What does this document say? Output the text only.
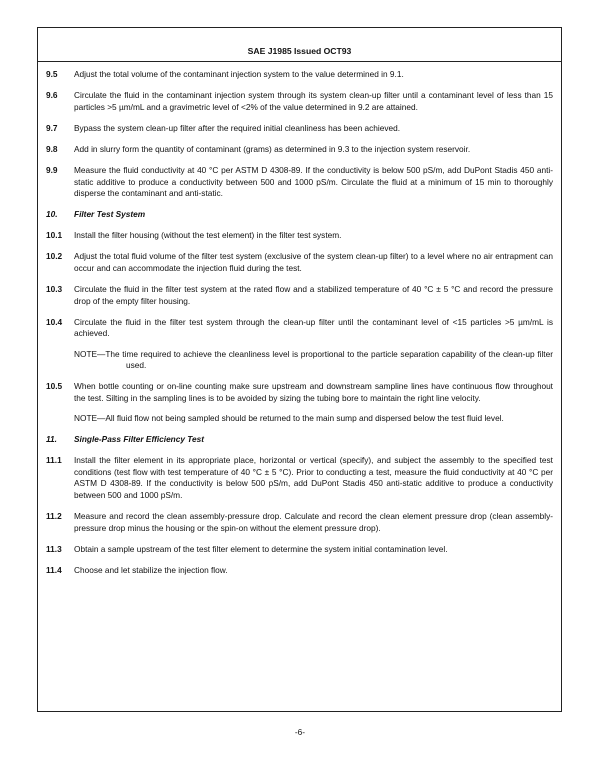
SAE J1985 Issued OCT93
9.5	Adjust the total volume of the contaminant injection system to the value determined in 9.1.
9.6	Circulate the fluid in the contaminant injection system through its system clean-up filter until a contaminant level of less than 15 particles >5 µm/mL and a gravimetric level of <2% of the value determined in 9.2 are attained.
9.7	Bypass the system clean-up filter after the required initial cleanliness has been achieved.
9.8	Add in slurry form the quantity of contaminant (grams) as determined in 9.3 to the injection system reservoir.
9.9	Measure the fluid conductivity at 40 °C per ASTM D 4308-89. If the conductivity is below 500 pS/m, add DuPont Stadis 450 anti-static additive to produce a conductivity between 500 and 1000 pS/m. Circulate the fluid at a minimum of 15 min to thoroughly disperse the contaminant and anti-static.
10.	Filter Test System
10.1	Install the filter housing (without the test element) in the filter test system.
10.2	Adjust the total fluid volume of the filter test system (exclusive of the system clean-up filter) to a level where no air entrapment can occur and can accommodate the injection fluid during the test.
10.3	Circulate the fluid in the filter test system at the rated flow and a stabilized temperature of 40 °C ± 5 °C and record the pressure drop of the empty filter housing.
10.4	Circulate the fluid in the filter test system through the clean-up filter until the contaminant level of <15 particles >5 µm/mL is achieved.
NOTE—The time required to achieve the cleanliness level is proportional to the particle separation capability of the clean-up filter used.
10.5	When bottle counting or on-line counting make sure upstream and downstream sampline lines have continuous flow throughout the test. Silting in the sampling lines is to be avoided by sizing the tubing bore to maintain the right line velocity.
NOTE—All fluid flow not being sampled should be returned to the main sump and dispersed below the test fluid level.
11.	Single-Pass Filter Efficiency Test
11.1	Install the filter element in its appropriate place, horizontal or vertical (specify), and subject the assembly to the specified test conditions (test flow with test temperature of 40 °C ± 5 °C). Prior to conducting a test, measure the fluid conductivity at 40 °C per ASTM D 4308-89. If the conductivity is below 500 pS/m, add DuPont Stadis 450 anti-static additive to produce a conductivity between 500 and 1000 pS/m.
11.2	Measure and record the clean assembly-pressure drop. Calculate and record the clean element pressure drop (clean assembly-pressure drop minus the housing or the spin-on without the element pressure drop).
11.3	Obtain a sample upstream of the test filter element to determine the system initial contamination level.
11.4	Choose and let stabilize the injection flow.
-6-
